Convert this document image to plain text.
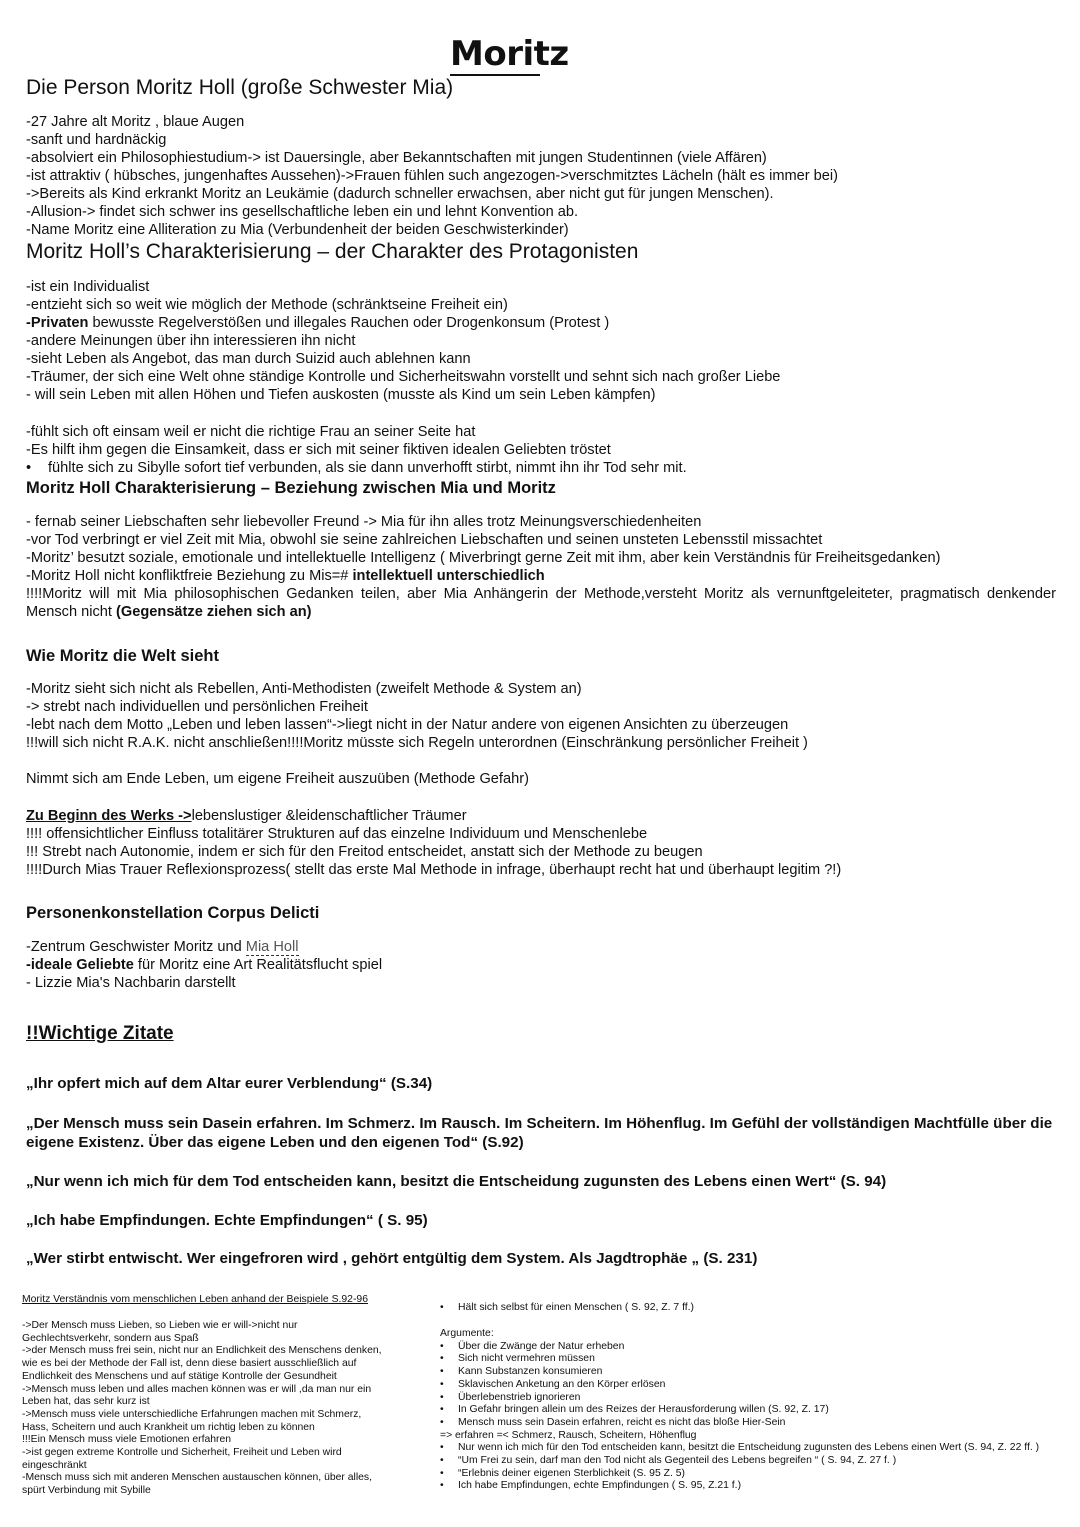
Moritz
Die Person Moritz Holl (große Schwester Mia)
-27 Jahre alt Moritz , blaue Augen
-sanft und hardnäckig
-absolviert ein Philosophiestudium-> ist Dauersingle, aber Bekanntschaften mit jungen Studentinnen (viele Affären)
-ist attraktiv ( hübsches, jungenhaftes Aussehen)->Frauen fühlen such angezogen->verschmitztes Lächeln (hält es immer bei)
->Bereits als Kind erkrankt Moritz an Leukämie (dadurch schneller erwachsen, aber nicht gut für jungen Menschen).
-Allusion-> findet sich schwer ins gesellschaftliche leben ein und lehnt Konvention ab.
-Name Moritz eine Alliteration zu Mia (Verbundenheit der beiden Geschwisterkinder)
Moritz Holl’s Charakterisierung – der Charakter des Protagonisten
-ist ein Individualist
-entzieht sich so weit wie möglich der Methode (schränktseine Freiheit ein)
-Privaten bewusste Regelverstößen und illegales Rauchen oder Drogenkonsum (Protest )
-andere Meinungen über ihn interessieren ihn nicht
-sieht Leben als Angebot, das man durch Suizid auch ablehnen kann
-Träumer, der sich eine Welt ohne ständige Kontrolle und Sicherheitswahn vorstellt und sehnt sich nach großer Liebe
- will sein Leben mit allen Höhen und Tiefen auskosten (musste als Kind um sein Leben kämpfen)
-fühlt sich oft einsam weil er nicht die richtige Frau an seiner Seite hat
-Es hilft ihm gegen die Einsamkeit, dass er sich mit seiner fiktiven idealen Geliebten tröstet
• fühlte sich zu Sibylle sofort tief verbunden, als sie dann unverhofft stirbt, nimmt ihn ihr Tod sehr mit.
Moritz Holl Charakterisierung – Beziehung zwischen Mia und Moritz
- fernab seiner Liebschaften sehr liebevoller Freund -> Mia für ihn alles trotz Meinungsverschiedenheiten
-vor Tod verbringt er viel Zeit mit Mia, obwohl sie seine zahlreichen Liebschaften und seinen unsteten Lebensstil missachtet
-Moritz’ besutzt soziale, emotionale und intellektuelle Intelligenz ( Miverbringt gerne Zeit mit ihm, aber kein Verständnis für Freiheitsgedanken)
-Moritz Holl nicht konfliktfreie Beziehung zu Mis=# intellektuell unterschiedlich
!!!!Moritz will mit Mia philosophischen Gedanken teilen, aber Mia Anhängerin der Methode,versteht Moritz als vernunftgeleiteter, pragmatisch denkender Mensch nicht (Gegensätze ziehen sich an)
Wie Moritz die Welt sieht
-Moritz sieht sich nicht als Rebellen, Anti-Methodisten (zweifelt Methode & System an)
-> strebt nach individuellen und persönlichen Freiheit
-lebt nach dem Motto „Leben und leben lassen“->liegt nicht in der Natur andere von eigenen Ansichten zu überzeugen
!!!will sich nicht R.A.K. nicht anschließen!!!!Moritz müsste sich Regeln unterordnen (Einschränkung persönlicher Freiheit )
Nimmt sich am Ende Leben, um eigene Freiheit auszuüben (Methode Gefahr)
Zu Beginn des Werks ->lebenslustiger &leidenschaftlicher Träumer
!!!! offensichtlicher Einfluss totalitärer Strukturen auf das einzelne Individuum und Menschenlebe
!!! Strebt nach Autonomie, indem er sich für den Freitod entscheidet, anstatt sich der Methode zu beugen
!!!!Durch Mias Trauer Reflexionsprozess( stellt das erste Mal Methode in infrage, überhaupt recht hat und überhaupt legitim ?!)
Personenkonstellation Corpus Delicti
-Zentrum Geschwister Moritz und Mia Holl
-ideale Geliebte für Moritz eine Art Realitätsflucht spiel
- Lizzie Mia's Nachbarin darstellt
!!Wichtige Zitate
„Ihr opfert mich auf dem Altar eurer Verblendung“ (S.34)
„Der Mensch muss sein Dasein erfahren. Im Schmerz. Im Rausch. Im Scheitern. Im Höhenflug. Im Gefühl der vollständigen Machtfülle über die eigene Existenz. Über das eigene Leben und den eigenen Tod“ (S.92)
„Nur wenn ich mich für dem Tod entscheiden kann, besitzt die Entscheidung zugunsten des Lebens einen Wert“ (S. 94)
„Ich habe Empfindungen. Echte Empfindungen“ ( S. 95)
„Wer stirbt entwischt. Wer eingefroren wird , gehört entgültig dem System. Als Jagdtrophäe „ (S. 231)
Moritz Verständnis vom menschlichen Leben anhand der Beispiele S.92-96
->Der Mensch muss Lieben, so Lieben wie er will->nicht nur
Gechlechtsverkehr, sondern aus Spaß
->der Mensch muss frei sein, nicht nur an Endlichkeit des Menschens denken,
wie es bei der Methode der Fall ist, denn diese basiert ausschließlich auf
Endlichkeit des Menschens und auf stätige Kontrolle der Gesundheit
->Mensch muss leben und alles machen können was er will ,da man nur ein
Leben hat, das sehr kurz ist
->Mensch muss viele unterschiedliche Erfahrungen machen mit Schmerz,
Hass, Scheitern und auch Krankheit um richtig leben zu können
!!!Ein Mensch muss viele Emotionen erfahren
->ist gegen extreme Kontrolle und Sicherheit, Freiheit und Leben wird
eingeschränkt
-Mensch muss sich mit anderen Menschen austauschen können, über alles,
spürt Verbindung mit Sybille
• Hält sich selbst für einen Menschen ( S. 92, Z. 7 ff.)
Argumente:
• Über die Zwänge der Natur erheben
• Sich nicht vermehren müssen
• Kann Substanzen konsumieren
• Sklavischen Anketung an den Körper erlösen
• Überlebenstrieb ignorieren
• In Gefahr bringen allein um des Reizes der Herausforderung willen (S. 92, Z. 17)
• Mensch muss sein Dasein erfahren, reicht es nicht das bloße Hier-Sein
=> erfahren =< Schmerz, Rausch, Scheitern, Höhenflug
• Nur wenn ich mich für den Tod entscheiden kann, besitzt die Entscheidung zugunsten des Lebens einen Wert (S. 94, Z. 22 ff. )
• “Um Frei zu sein, darf man den Tod nicht als Gegenteil des Lebens begreifen “ ( S. 94, Z. 27 f. )
• “Erlebnis deiner eigenen Sterblichkeit (S. 95 Z. 5)
• Ich habe Empfindungen, echte Empfindungen ( S. 95, Z.21 f.)
